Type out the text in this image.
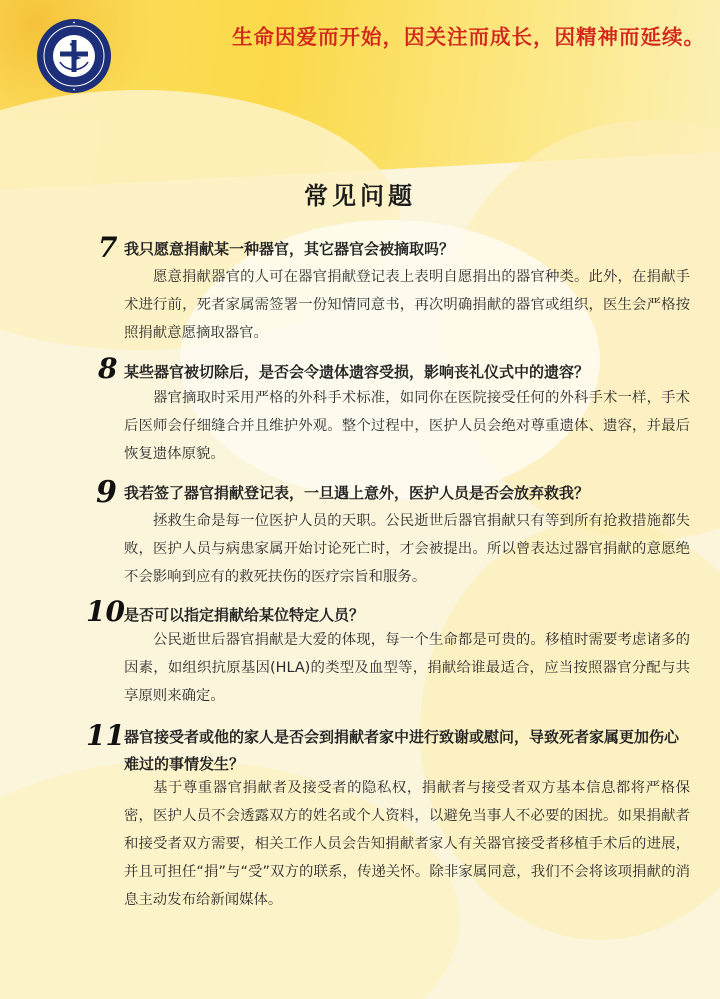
生命因爱而开始，因关注而成长，因精神而延续。
常见问题
7 我只愿意捐献某一种器官，其它器官会被摘取吗？
愿意捐献器官的人可在器官捐献登记表上表明自愿捐出的器官种类。此外，在捐献手术进行前，死者家属需签署一份知情同意书，再次明确捐献的器官或组织，医生会严格按照捐献意愿摘取器官。
8 某些器官被切除后，是否会令遗体遗容受损，影响丧礼仪式中的遗容？
器官摘取时采用严格的外科手术标准，如同你在医院接受任何的外科手术一样，手术后医师会仔细缝合并且维护外观。整个过程中，医护人员会绝对尊重遗体、遗容，并最后恢复遗体原貌。
9 我若签了器官捐献登记表，一旦遇上意外，医护人员是否会放弃救我？
拯救生命是每一位医护人员的天职。公民逝世后器官捐献只有等到所有抢救措施都失败，医护人员与病患家属开始讨论死亡时，才会被提出。所以曾表达过器官捐献的意愿绝不会影响到应有的救死扶伤的医疗宗旨和服务。
10 是否可以指定捐献给某位特定人员？
公民逝世后器官捐献是大爱的体现，每一个生命都是可贵的。移植时需要考虑诸多的因素，如组织抗原基因(HLA)的类型及血型等，捐献给谁最适合，应当按照器官分配与共享原则来确定。
11 器官接受者或他的家人是否会到捐献者家中进行致谢或慰问，导致死者家属更加伤心难过的事情发生？
基于尊重器官捐献者及接受者的隐私权，捐献者与接受者双方基本信息都将严格保密，医护人员不会透露双方的姓名或个人资料，以避免当事人不必要的困扰。如果捐献者和接受者双方需要，相关工作人员会告知捐献者家人有关器官接受者移植手术后的进展，并且可担任“捐”与“受”双方的联系，传递关怀。除非家属同意，我们不会将该项捐献的消息主动发布给新闻媒体。
